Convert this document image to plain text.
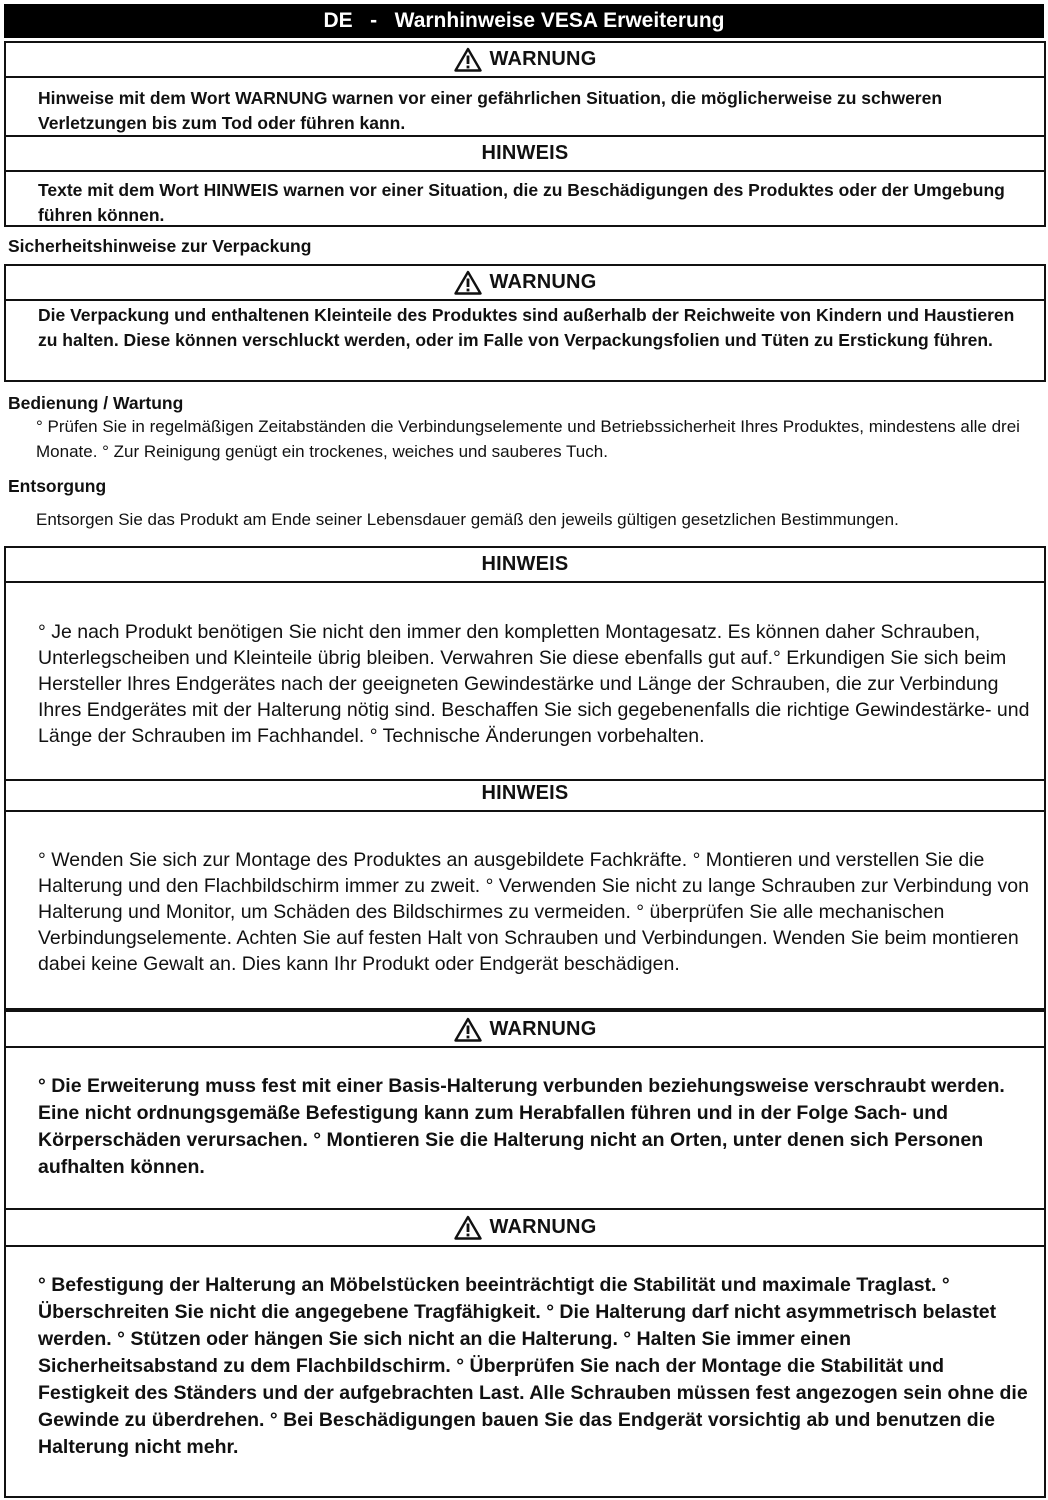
DE   -   Warnhinweise VESA Erweiterung
WARNUNG
Hinweise mit dem Wort WARNUNG warnen vor einer gefährlichen Situation, die möglicherweise zu schweren Verletzungen bis zum Tod oder führen kann.
HINWEIS
Texte mit dem Wort HINWEIS warnen vor einer Situation, die zu Beschädigungen des Produktes oder der Umgebung führen können.
Sicherheitshinweise zur Verpackung
WARNUNG
Die Verpackung und enthaltenen Kleinteile des Produktes sind außerhalb der Reichweite von Kindern und Haustieren zu halten. Diese können verschluckt werden, oder im Falle von Verpackungsfolien und Tüten zu Erstickung führen.
Bedienung / Wartung
° Prüfen Sie in regelmäßigen Zeitabständen die Verbindungselemente und Betriebssicherheit Ihres Produktes, mindestens alle drei Monate. ° Zur Reinigung genügt ein trockenes, weiches und sauberes Tuch.
Entsorgung
Entsorgen Sie das Produkt am Ende seiner Lebensdauer gemäß den jeweils gültigen gesetzlichen Bestimmungen.
HINWEIS
° Je nach Produkt benötigen Sie nicht den immer den kompletten Montagesatz. Es können daher Schrauben, Unterlegscheiben und Kleinteile übrig bleiben. Verwahren Sie diese ebenfalls gut auf.° Erkundigen Sie sich beim Hersteller Ihres Endgerätes nach der geeigneten Gewindestärke und Länge der Schrauben, die zur Verbindung Ihres Endgerätes mit der Halterung nötig sind. Beschaffen Sie sich gegebenenfalls die richtige Gewindestärke- und Länge der Schrauben im Fachhandel. ° Technische Änderungen vorbehalten.
HINWEIS
° Wenden Sie sich zur Montage des Produktes an ausgebildete Fachkräfte. ° Montieren und verstellen Sie die Halterung und den Flachbildschirm immer zu zweit. ° Verwenden Sie nicht zu lange Schrauben zur Verbindung von Halterung und Monitor, um Schäden des Bildschirmes zu vermeiden. ° überprüfen Sie alle mechanischen Verbindungselemente. Achten Sie auf festen Halt von Schrauben und Verbindungen. Wenden Sie beim montieren dabei keine Gewalt an. Dies kann Ihr Produkt oder Endgerät beschädigen.
WARNUNG
° Die Erweiterung muss fest mit einer Basis-Halterung verbunden beziehungsweise verschraubt werden. Eine nicht ordnungsgemäße Befestigung kann zum Herabfallen führen und in der Folge Sach- und Körperschäden verursachen. ° Montieren Sie die Halterung nicht an Orten, unter denen sich Personen aufhalten können.
WARNUNG
° Befestigung der Halterung an Möbelstücken beeinträchtigt die Stabilität und maximale Traglast. ° Überschreiten Sie nicht die angegebene Tragfähigkeit. ° Die Halterung darf nicht asymmetrisch belastet werden. ° Stützen oder hängen Sie sich nicht an die Halterung. ° Halten Sie immer einen Sicherheitsabstand zu dem Flachbildschirm. ° Überprüfen Sie nach der Montage die Stabilität und Festigkeit des Ständers und der aufgebrachten Last. Alle Schrauben müssen fest angezogen sein ohne die Gewinde zu überdrehen. ° Bei Beschädigungen bauen Sie das Endgerät vorsichtig ab und benutzen die Halterung nicht mehr.
